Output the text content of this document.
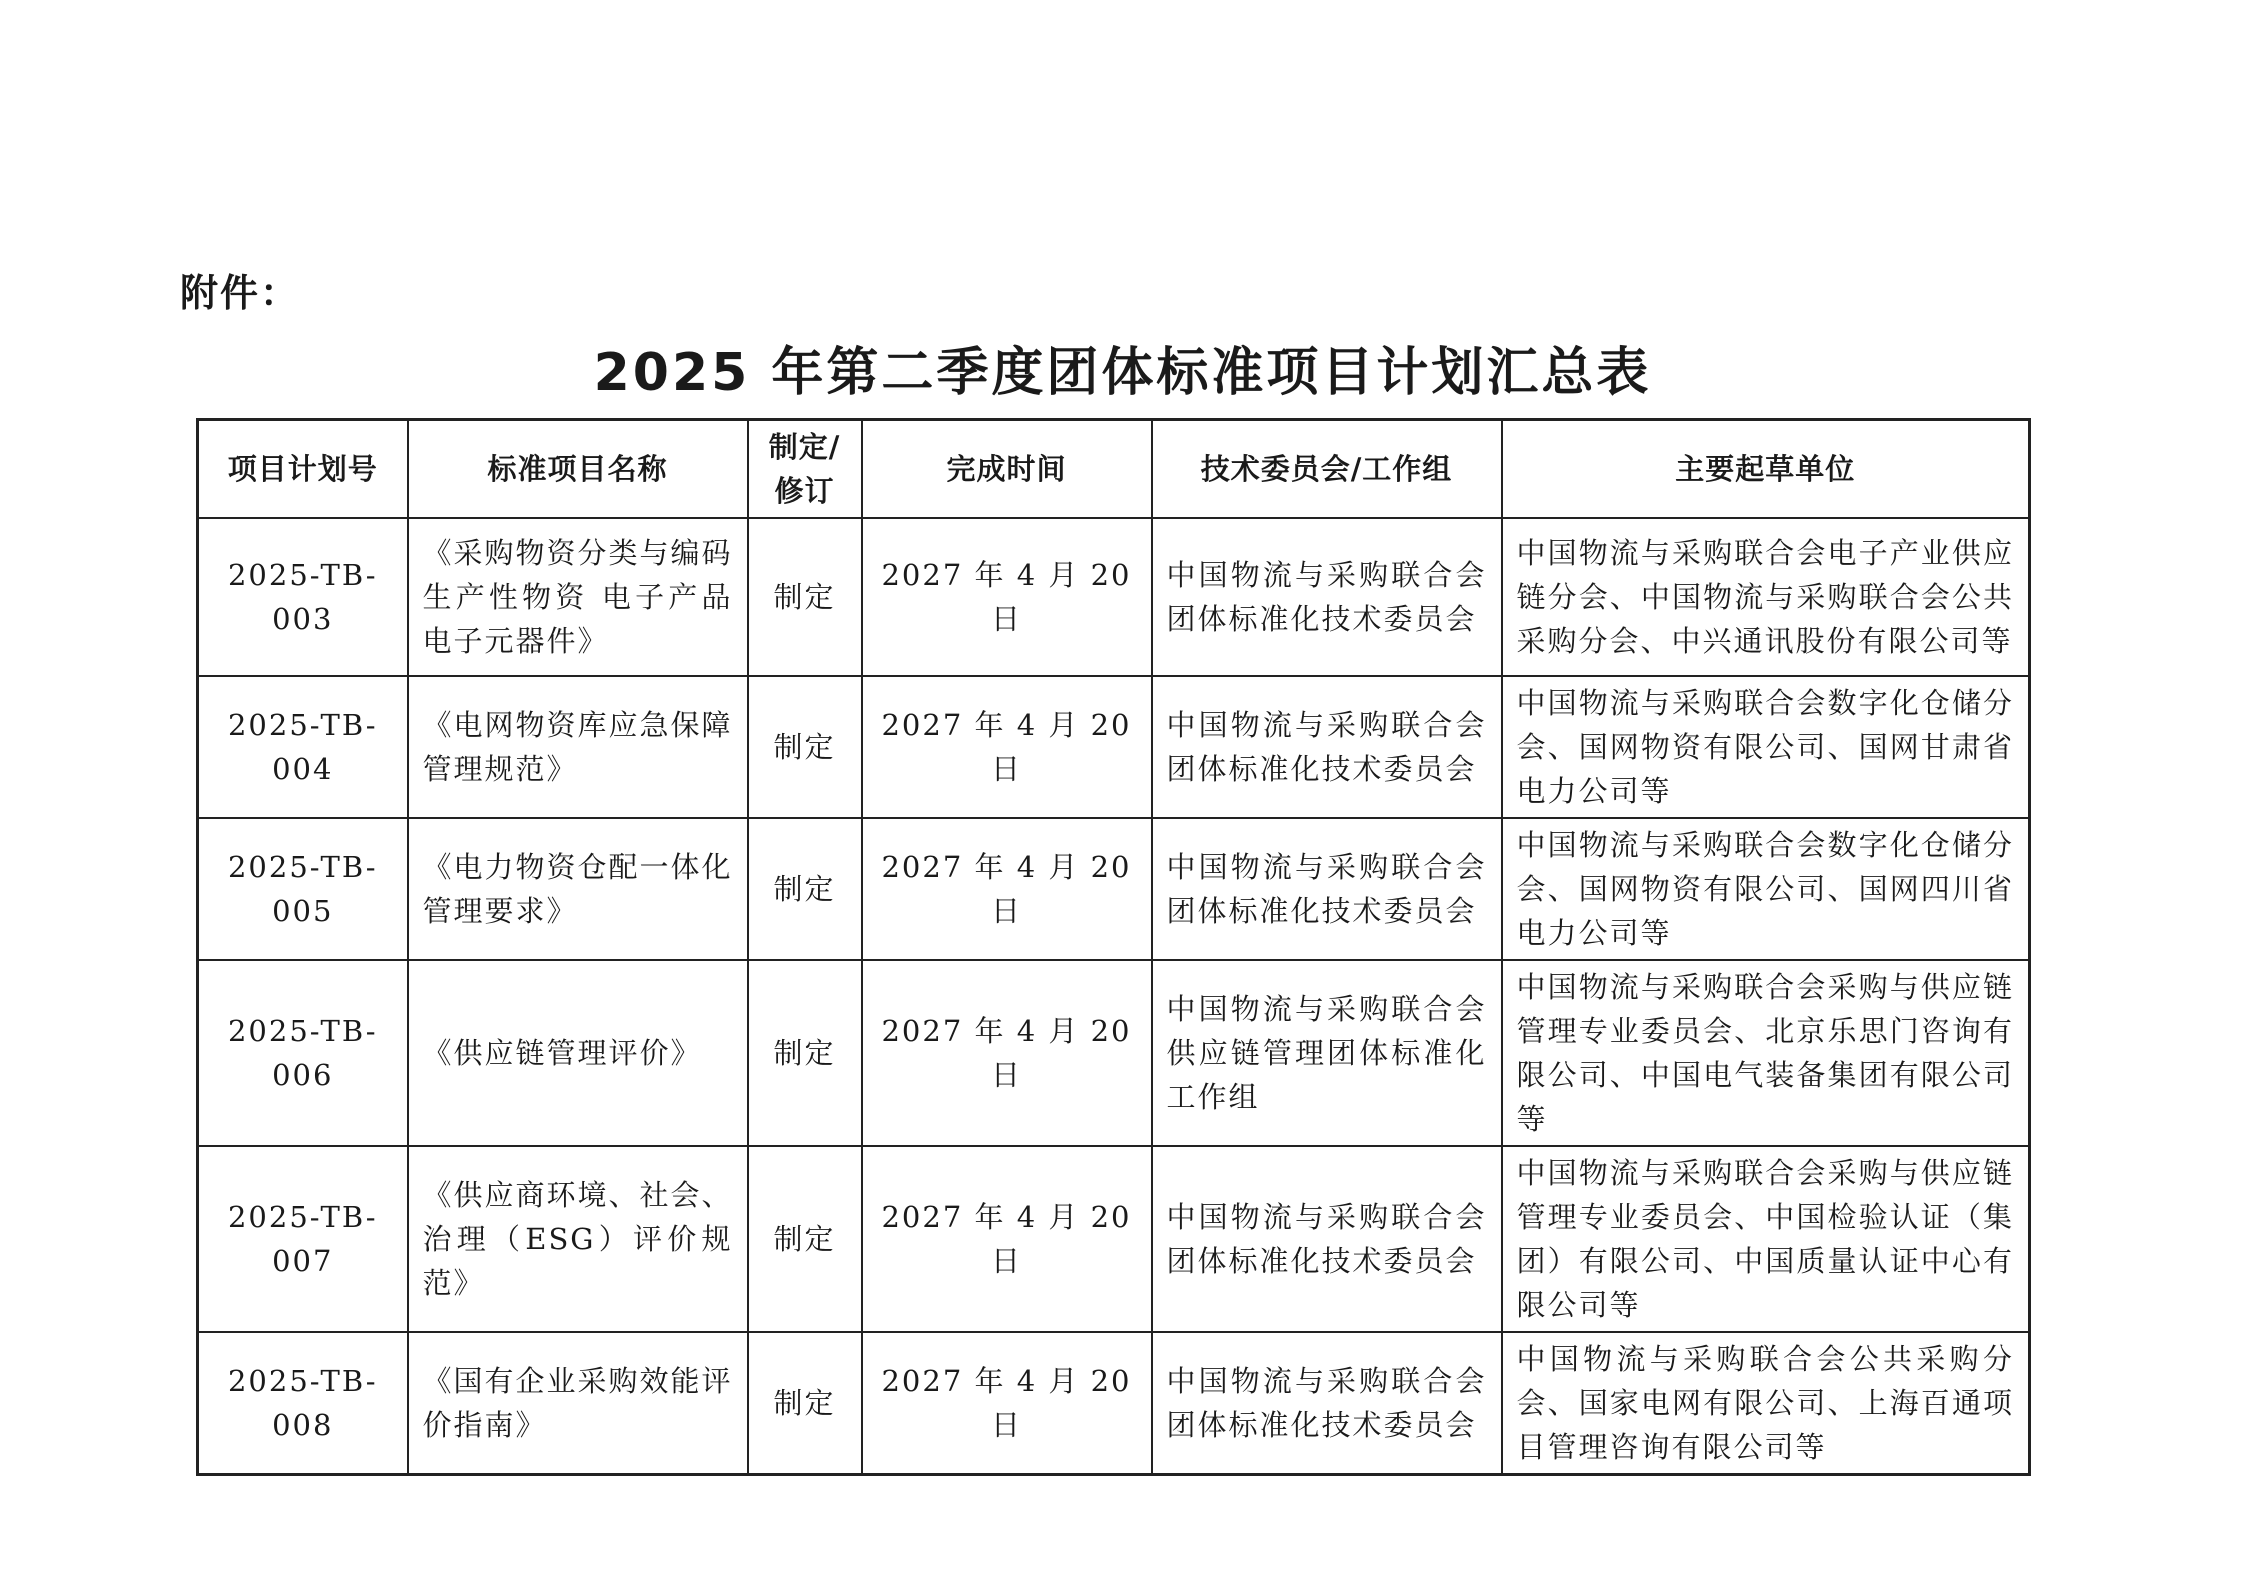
附件：
2025 年第二季度团体标准项目计划汇总表
项目计划号	标准项目名称	制定/修订	完成时间	技术委员会/工作组	主要起草单位
2025-TB-003	《采购物资分类与编码 生产性物资 电子产品 电子元器件》	制定	2027 年 4 月 20 日	中国物流与采购联合会团体标准化技术委员会	中国物流与采购联合会电子产业供应链分会、中国物流与采购联合会公共采购分会、中兴通讯股份有限公司等
2025-TB-004	《电网物资库应急保障管理规范》	制定	2027 年 4 月 20 日	中国物流与采购联合会团体标准化技术委员会	中国物流与采购联合会数字化仓储分会、国网物资有限公司、国网甘肃省电力公司等
2025-TB-005	《电力物资仓配一体化管理要求》	制定	2027 年 4 月 20 日	中国物流与采购联合会团体标准化技术委员会	中国物流与采购联合会数字化仓储分会、国网物资有限公司、国网四川省电力公司等
2025-TB-006	《供应链管理评价》	制定	2027 年 4 月 20 日	中国物流与采购联合会供应链管理团体标准化工作组	中国物流与采购联合会采购与供应链管理专业委员会、北京乐思门咨询有限公司、中国电气装备集团有限公司等
2025-TB-007	《供应商环境、社会、治理（ESG）评价规范》	制定	2027 年 4 月 20 日	中国物流与采购联合会团体标准化技术委员会	中国物流与采购联合会采购与供应链管理专业委员会、中国检验认证（集团）有限公司、中国质量认证中心有限公司等
2025-TB-008	《国有企业采购效能评价指南》	制定	2027 年 4 月 20 日	中国物流与采购联合会团体标准化技术委员会	中国物流与采购联合会公共采购分会、国家电网有限公司、上海百通项目管理咨询有限公司等
